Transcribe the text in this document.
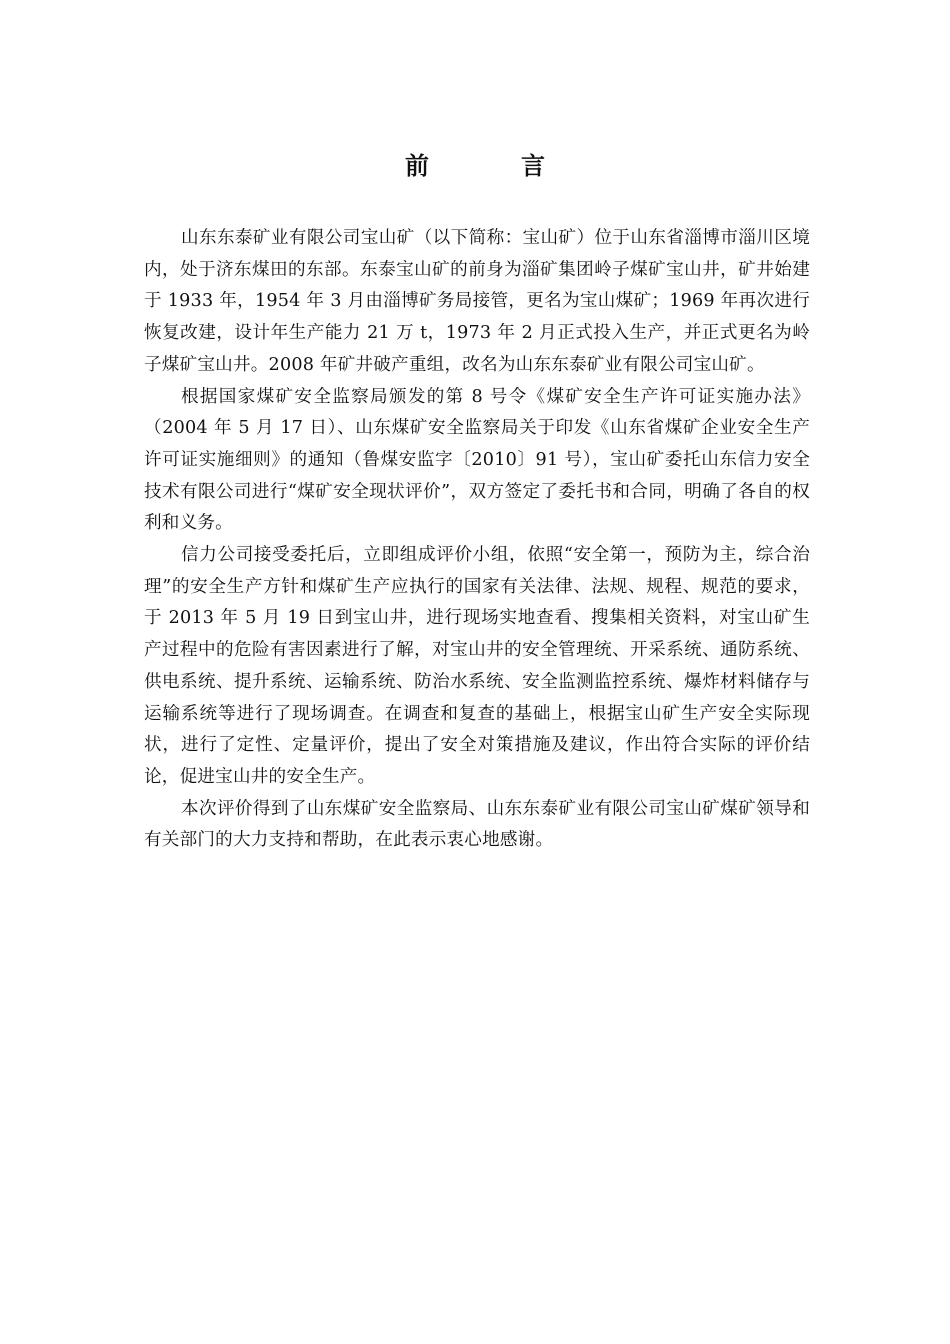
前　言

山东东泰矿业有限公司宝山矿（以下简称：宝山矿）位于山东省淄博市淄川区境内，处于济东煤田的东部。东泰宝山矿的前身为淄矿集团岭子煤矿宝山井，矿井始建于 1933 年，1954 年 3 月由淄博矿务局接管，更名为宝山煤矿；1969 年再次进行恢复改建，设计年生产能力 21 万 t，1973 年 2 月正式投入生产，并正式更名为岭子煤矿宝山井。2008 年矿井破产重组，改名为山东东泰矿业有限公司宝山矿。

根据国家煤矿安全监察局颁发的第 8 号令《煤矿安全生产许可证实施办法》（2004 年 5 月 17 日）、山东煤矿安全监察局关于印发《山东省煤矿企业安全生产许可证实施细则》的通知（鲁煤安监字〔2010〕91 号），宝山矿委托山东信力安全技术有限公司进行“煤矿安全现状评价”，双方签定了委托书和合同，明确了各自的权利和义务。

信力公司接受委托后，立即组成评价小组，依照“安全第一，预防为主，综合治理”的安全生产方针和煤矿生产应执行的国家有关法律、法规、规程、规范的要求，于 2013 年 5 月 19 日到宝山井，进行现场实地查看、搜集相关资料，对宝山矿生产过程中的危险有害因素进行了解，对宝山井的安全管理统、开采系统、通防系统、供电系统、提升系统、运输系统、防治水系统、安全监测监控系统、爆炸材料储存与运输系统等进行了现场调查。在调查和复查的基础上，根据宝山矿生产安全实际现状，进行了定性、定量评价，提出了安全对策措施及建议，作出符合实际的评价结论，促进宝山井的安全生产。

本次评价得到了山东煤矿安全监察局、山东东泰矿业有限公司宝山矿煤矿领导和有关部门的大力支持和帮助，在此表示衷心地感谢。
